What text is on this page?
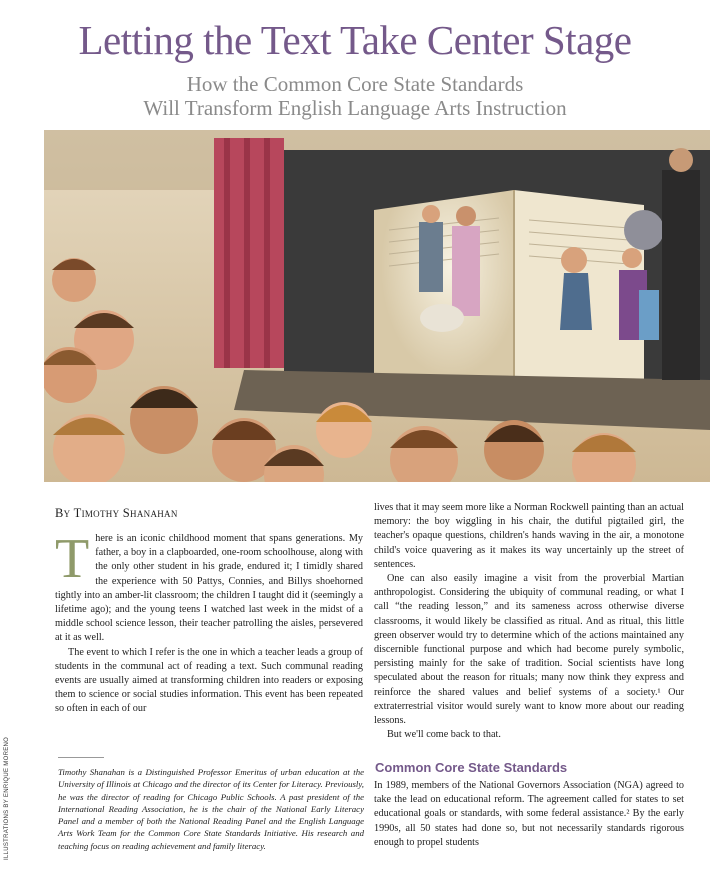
Letting the Text Take Center Stage
How the Common Core State Standards
Will Transform English Language Arts Instruction
By Timothy Shanahan

There is an iconic childhood moment that spans generations. My father, a boy in a clapboarded, one-room schoolhouse, along with the only other student in his grade, endured it; I timidly shared the experience with 50 Pattys, Connies, and Billys shoehorned tightly into an amber-lit classroom; the children I taught did it (seemingly a lifetime ago); and the young teens I watched last week in the midst of a middle school science lesson, their teacher patrolling the aisles, persevered at it as well.

The event to which I refer is the one in which a teacher leads a group of students in the communal act of reading a text. Such communal reading events are usually aimed at transforming children into readers or exposing them to science or social studies information. This event has been repeated so often in each of our

Timothy Shanahan is a Distinguished Professor Emeritus of urban education at the University of Illinois at Chicago and the director of its Center for Literacy. Previously, he was the director of reading for Chicago Public Schools. A past president of the International Reading Association, he is the chair of the National Early Literacy Panel and a member of both the National Reading Panel and the English Language Arts Work Team for the Common Core State Standards Initiative. His research and teaching focus on reading achievement and family literacy.

lives that it may seem more like a Norman Rockwell painting than an actual memory: the boy wiggling in his chair, the dutiful pigtailed girl, the teacher's opaque questions, children's hands waving in the air, a monotone child's voice quavering as it makes its way uncertainly up the street of sentences.

One can also easily imagine a visit from the proverbial Martian anthropologist. Considering the ubiquity of communal reading, or what I call “the reading lesson,” and its sameness across otherwise diverse classrooms, it would likely be classified as ritual. And as ritual, this little green observer would try to determine which of the actions maintained any discernible functional purpose and which had become purely symbolic, persisting mainly for the sake of tradition. Social scientists have long speculated about the reason for rituals; many now think they express and reinforce the shared values and belief systems of a society.¹ Our extraterrestrial visitor would surely want to know more about our reading lessons.

But we'll come back to that.

Common Core State Standards

In 1989, members of the National Governors Association (NGA) agreed to take the lead on educational reform. The agreement called for states to set educational goals or standards, with some federal assistance.² By the early 1990s, all 50 states had done so, but not necessarily standards rigorous enough to propel students

ILLUSTRATIONS BY ENRIQUE MORENO
